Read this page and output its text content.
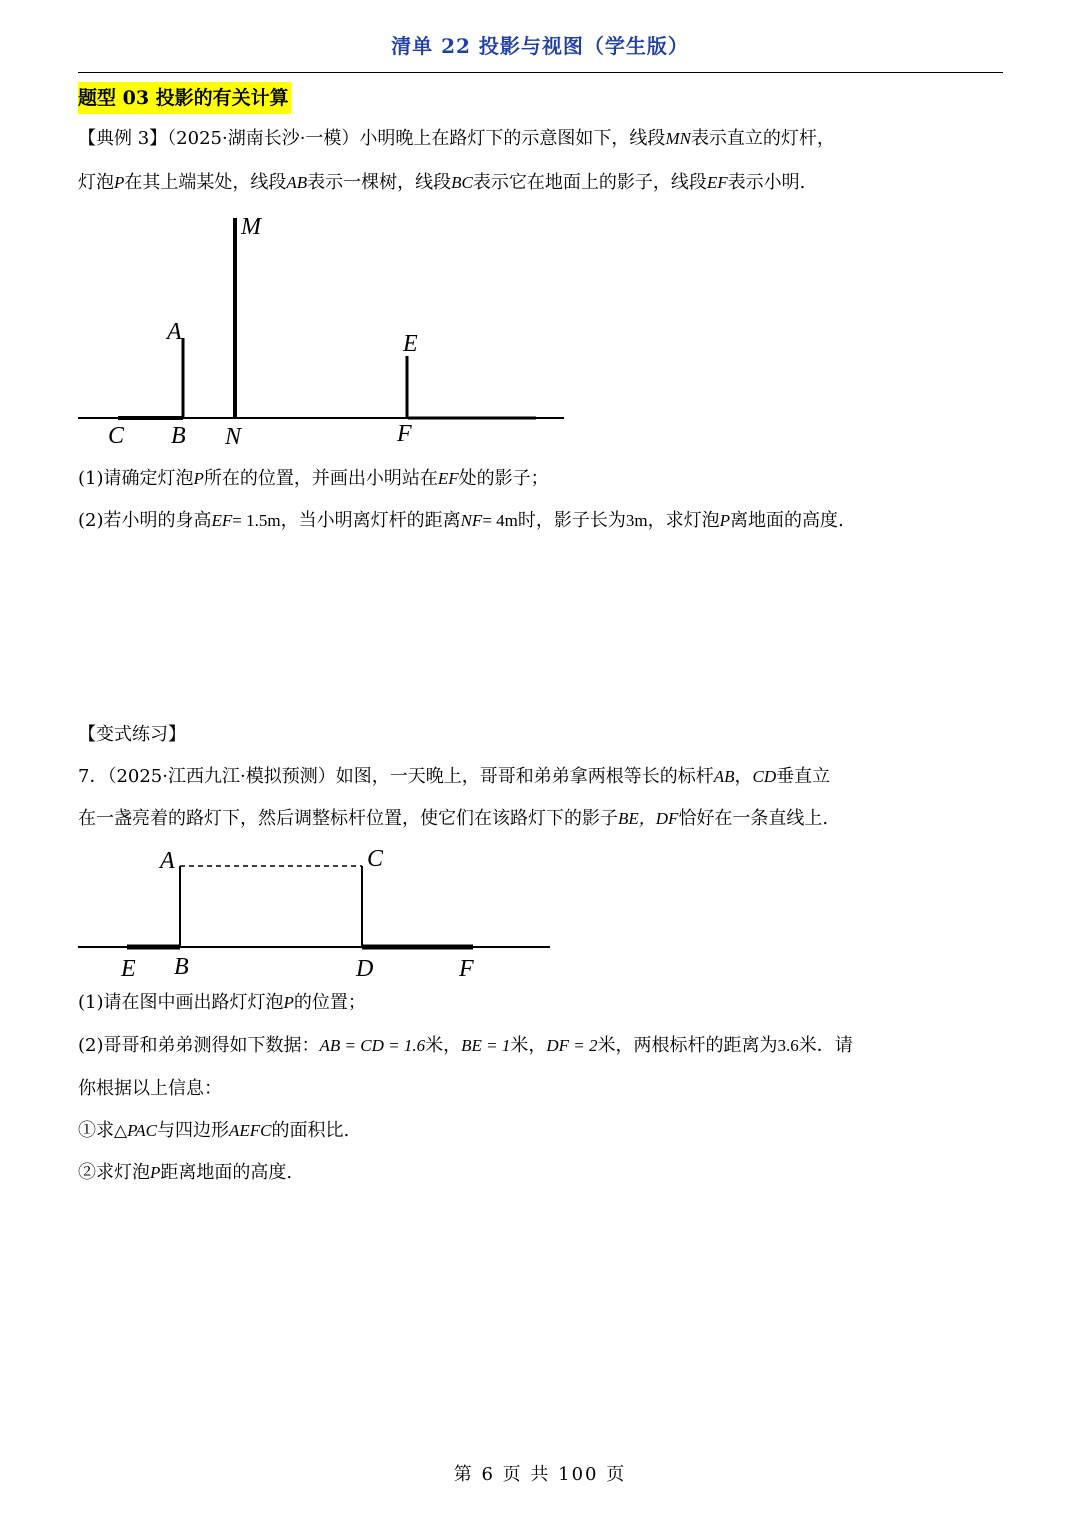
清单 22 投影与视图（学生版）
题型 03 投影的有关计算

【典例 3】（2025·湖南长沙·一模）小明晚上在路灯下的示意图如下，线段MN表示直立的灯杆，

灯泡P在其上端某处，线段AB表示一棵树，线段BC表示它在地面上的影子，线段EF表示小明.

M
A	E
C B N	F

(1)请确定灯泡P所在的位置，并画出小明站在EF处的影子；

(2)若小明的身高EF= 1.5m，当小明离灯杆的距离NF= 4m时，影子长为3m，求灯泡P离地面的高度.

【变式练习】

7．（2025·江西九江·模拟预测）如图，一天晚上，哥哥和弟弟拿两根等长的标杆AB，CD垂直立

在一盏亮着的路灯下，然后调整标杆位置，使它们在该路灯下的影子BE，DF恰好在一条直线上.

A	C
E B	D	F

(1)请在图中画出路灯灯泡P的位置；

(2)哥哥和弟弟测得如下数据：AB = CD = 1.6米，BE = 1米，DF = 2米，两根标杆的距离为3.6米．请

你根据以上信息：

①求△PAC与四边形AEFC的面积比.

②求灯泡P距离地面的高度.

第 6 页 共 100 页
